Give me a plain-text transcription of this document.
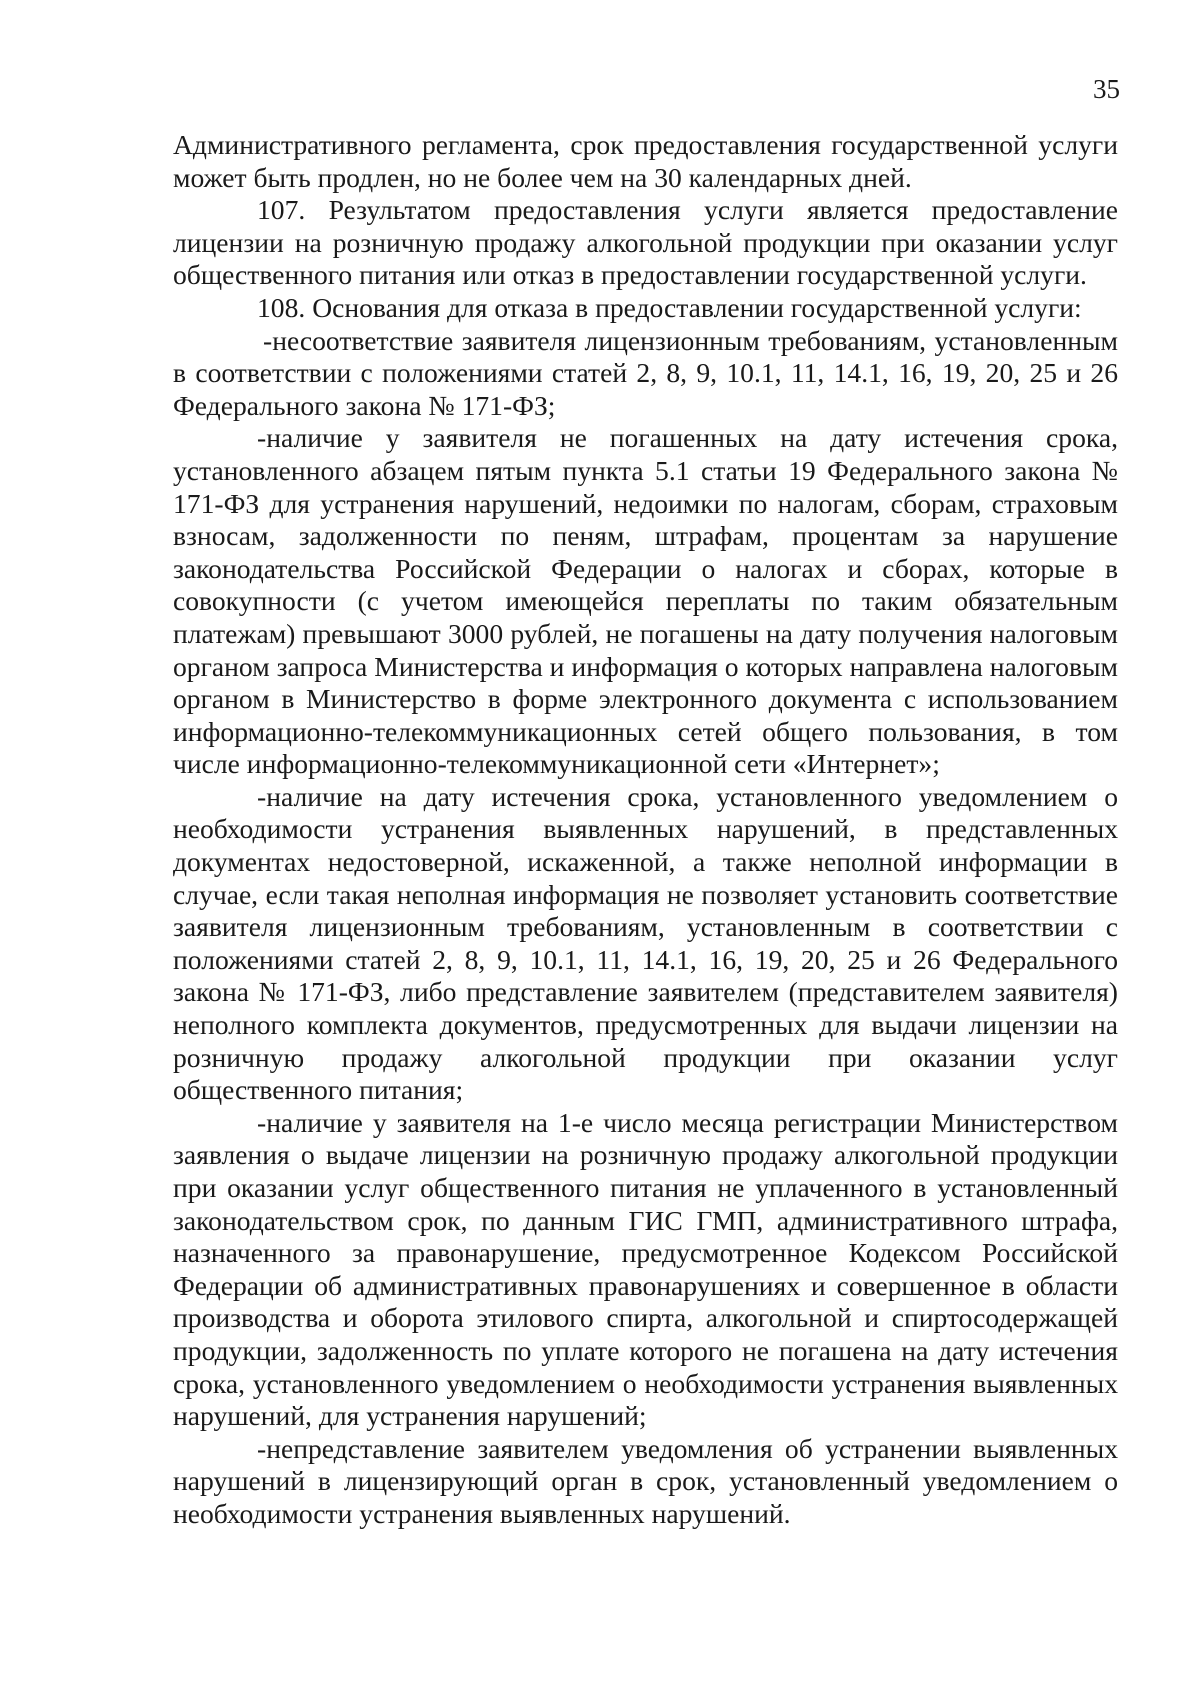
35

Административного регламента, срок предоставления государственной услуги может быть продлен, но не более чем на 30 календарных дней.

107. Результатом предоставления услуги является предоставление лицензии на розничную продажу алкогольной продукции при оказании услуг общественного питания или отказ в предоставлении государственной услуги.

108. Основания для отказа в предоставлении государственной услуги:

-несоответствие заявителя лицензионным требованиям, установленным в соответствии с положениями статей 2, 8, 9, 10.1, 11, 14.1, 16, 19, 20, 25 и 26 Федерального закона № 171-ФЗ;

-наличие у заявителя не погашенных на дату истечения срока, установленного абзацем пятым пункта 5.1 статьи 19 Федерального закона № 171-ФЗ для устранения нарушений, недоимки по налогам, сборам, страховым взносам, задолженности по пеням, штрафам, процентам за нарушение законодательства Российской Федерации о налогах и сборах, которые в совокупности (с учетом имеющейся переплаты по таким обязательным платежам) превышают 3000 рублей, не погашены на дату получения налоговым органом запроса Министерства и информация о которых направлена налоговым органом в Министерство в форме электронного документа с использованием информационно-телекоммуникационных сетей общего пользования, в том числе информационно-телекоммуникационной сети «Интернет»;

-наличие на дату истечения срока, установленного уведомлением о необходимости устранения выявленных нарушений, в представленных документах недостоверной, искаженной, а также неполной информации в случае, если такая неполная информация не позволяет установить соответствие заявителя лицензионным требованиям, установленным в соответствии с положениями статей 2, 8, 9, 10.1, 11, 14.1, 16, 19, 20, 25 и 26 Федерального закона № 171-ФЗ, либо представление заявителем (представителем заявителя) неполного комплекта документов, предусмотренных для выдачи лицензии на розничную продажу алкогольной продукции при оказании услуг общественного питания;

-наличие у заявителя на 1-е число месяца регистрации Министерством заявления о выдаче лицензии на розничную продажу алкогольной продукции при оказании услуг общественного питания не уплаченного в установленный законодательством срок, по данным ГИС ГМП, административного штрафа, назначенного за правонарушение, предусмотренное Кодексом Российской Федерации об административных правонарушениях и совершенное в области производства и оборота этилового спирта, алкогольной и спиртосодержащей продукции, задолженность по уплате которого не погашена на дату истечения срока, установленного уведомлением о необходимости устранения выявленных нарушений, для устранения нарушений;

-непредставление заявителем уведомления об устранении выявленных нарушений в лицензирующий орган в срок, установленный уведомлением о необходимости устранения выявленных нарушений.
